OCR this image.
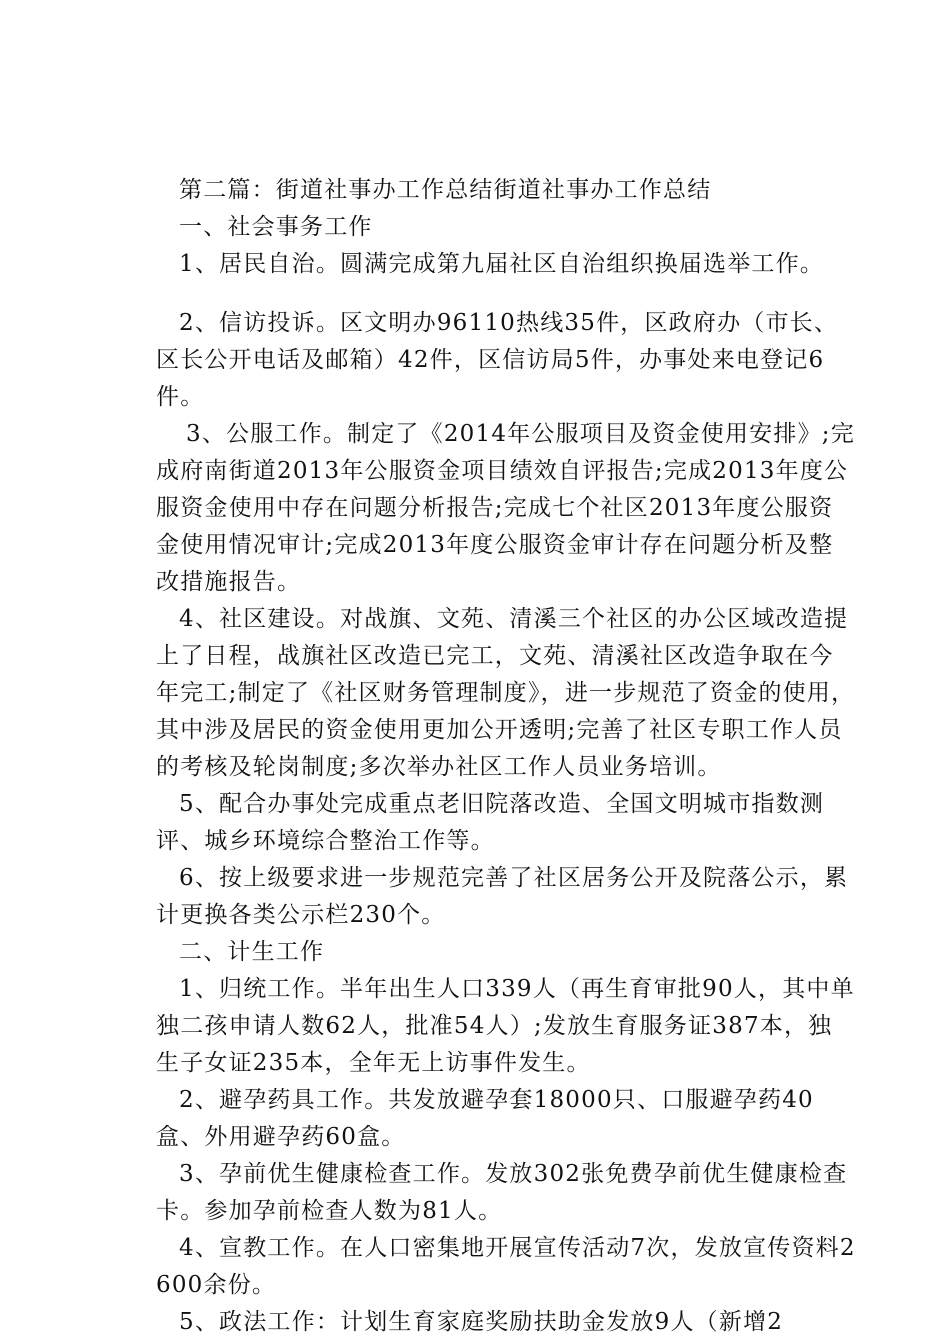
第二篇：街道社事办工作总结街道社事办工作总结

一、社会事务工作

1、居民自治。圆满完成第九届社区自治组织换届选举工作。

2、信访投诉。区文明办96110热线35件，区政府办（市长、区长公开电话及邮箱）42件，区信访局5件，办事处来电登记6件。

3、公服工作。制定了《2014年公服项目及资金使用安排》;完成府南街道2013年公服资金项目绩效自评报告;完成2013年度公服资金使用中存在问题分析报告;完成七个社区2013年度公服资金使用情况审计;完成2013年度公服资金审计存在问题分析及整改措施报告。

4、社区建设。对战旗、文苑、清溪三个社区的办公区域改造提上了日程，战旗社区改造已完工，文苑、清溪社区改造争取在今年完工;制定了《社区财务管理制度》，进一步规范了资金的使用，其中涉及居民的资金使用更加公开透明;完善了社区专职工作人员的考核及轮岗制度;多次举办社区工作人员业务培训。

5、配合办事处完成重点老旧院落改造、全国文明城市指数测评、城乡环境综合整治工作等。

6、按上级要求进一步规范完善了社区居务公开及院落公示，累计更换各类公示栏230个。

二、计生工作

1、归统工作。半年出生人口339人（再生育审批90人，其中单独二孩申请人数62人，批准54人）;发放生育服务证387本，独生子女证235本，全年无上访事件发生。

2、避孕药具工作。共发放避孕套18000只、口服避孕药40盒、外用避孕药60盒。

3、孕前优生健康检查工作。发放302张免费孕前优生健康检查卡。参加孕前检查人数为81人。

4、宣教工作。在人口密集地开展宣传活动7次，发放宣传资料2600余份。

5、政法工作：计划生育家庭奖励扶助金发放9人（新增2
